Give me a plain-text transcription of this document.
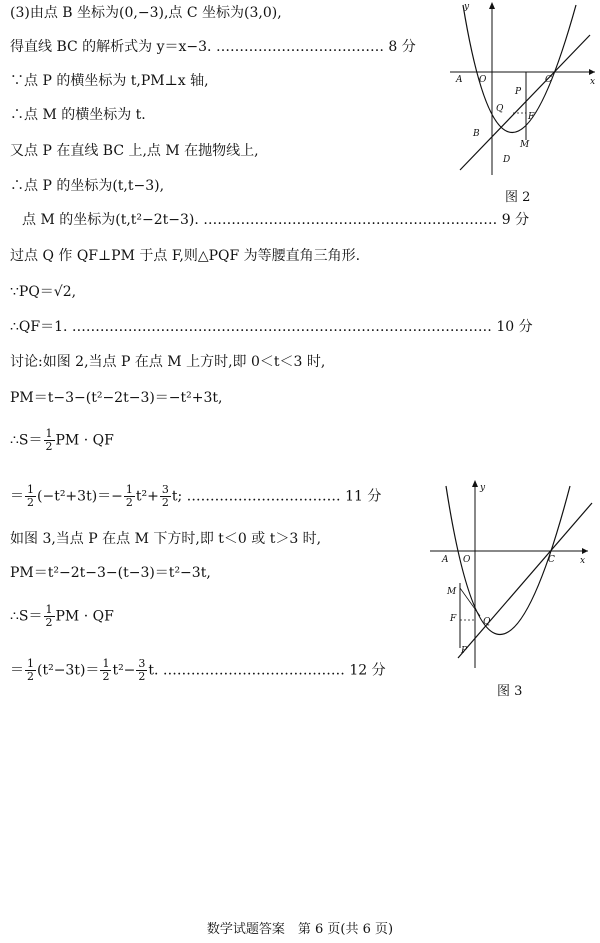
(3)由点 B 坐标为(0,−3),点 C 坐标为(3,0),
得直线 BC 的解析式为 y＝x−3. ……………………………… 8 分
∵点 P 的横坐标为 t,PM⊥x 轴,
∴点 M 的横坐标为 t.
又点 P 在直线 BC 上,点 M 在抛物线上,
∴点 P 的坐标为(t,t−3),
点 M 的坐标为(t,t²−2t−3). ……………………………………………………… 9 分
过点 Q 作 QF⊥PM 于点 F,则△PQF 为等腰直角三角形.
∵PQ＝√2,
∴QF＝1. ……………………………………………………………………………… 10 分
讨论:如图 2,当点 P 在点 M 上方时,即 0＜t＜3 时,
PM＝t−3−(t²−2t−3)＝−t²+3t,
∴S＝ $\frac{1}{2}$ PM · QF
＝ $\frac{1}{2} (-t^2+3t)=- \frac{1}{2} t^2+ \frac{3}{2} t$; …………………………… 11 分
如图 3,当点 P 在点 M 下方时,即 t＜0 或 t＞3 时,
PM＝t²−2t−3−(t−3)＝t²−3t,
∴S＝ $\frac{1}{2}$ PM · QF
＝ $\frac{1}{2} (t^2-3t)= \frac{1}{2} t^2- \frac{3}{2} t$. ………………………………… 12 分
y
x
A O	C
P
Q
F
B
M
D
图 2
y
x
A O	C
M
F	Q
P
图 3
数学试题答案　第 6 页(共 6 页)
